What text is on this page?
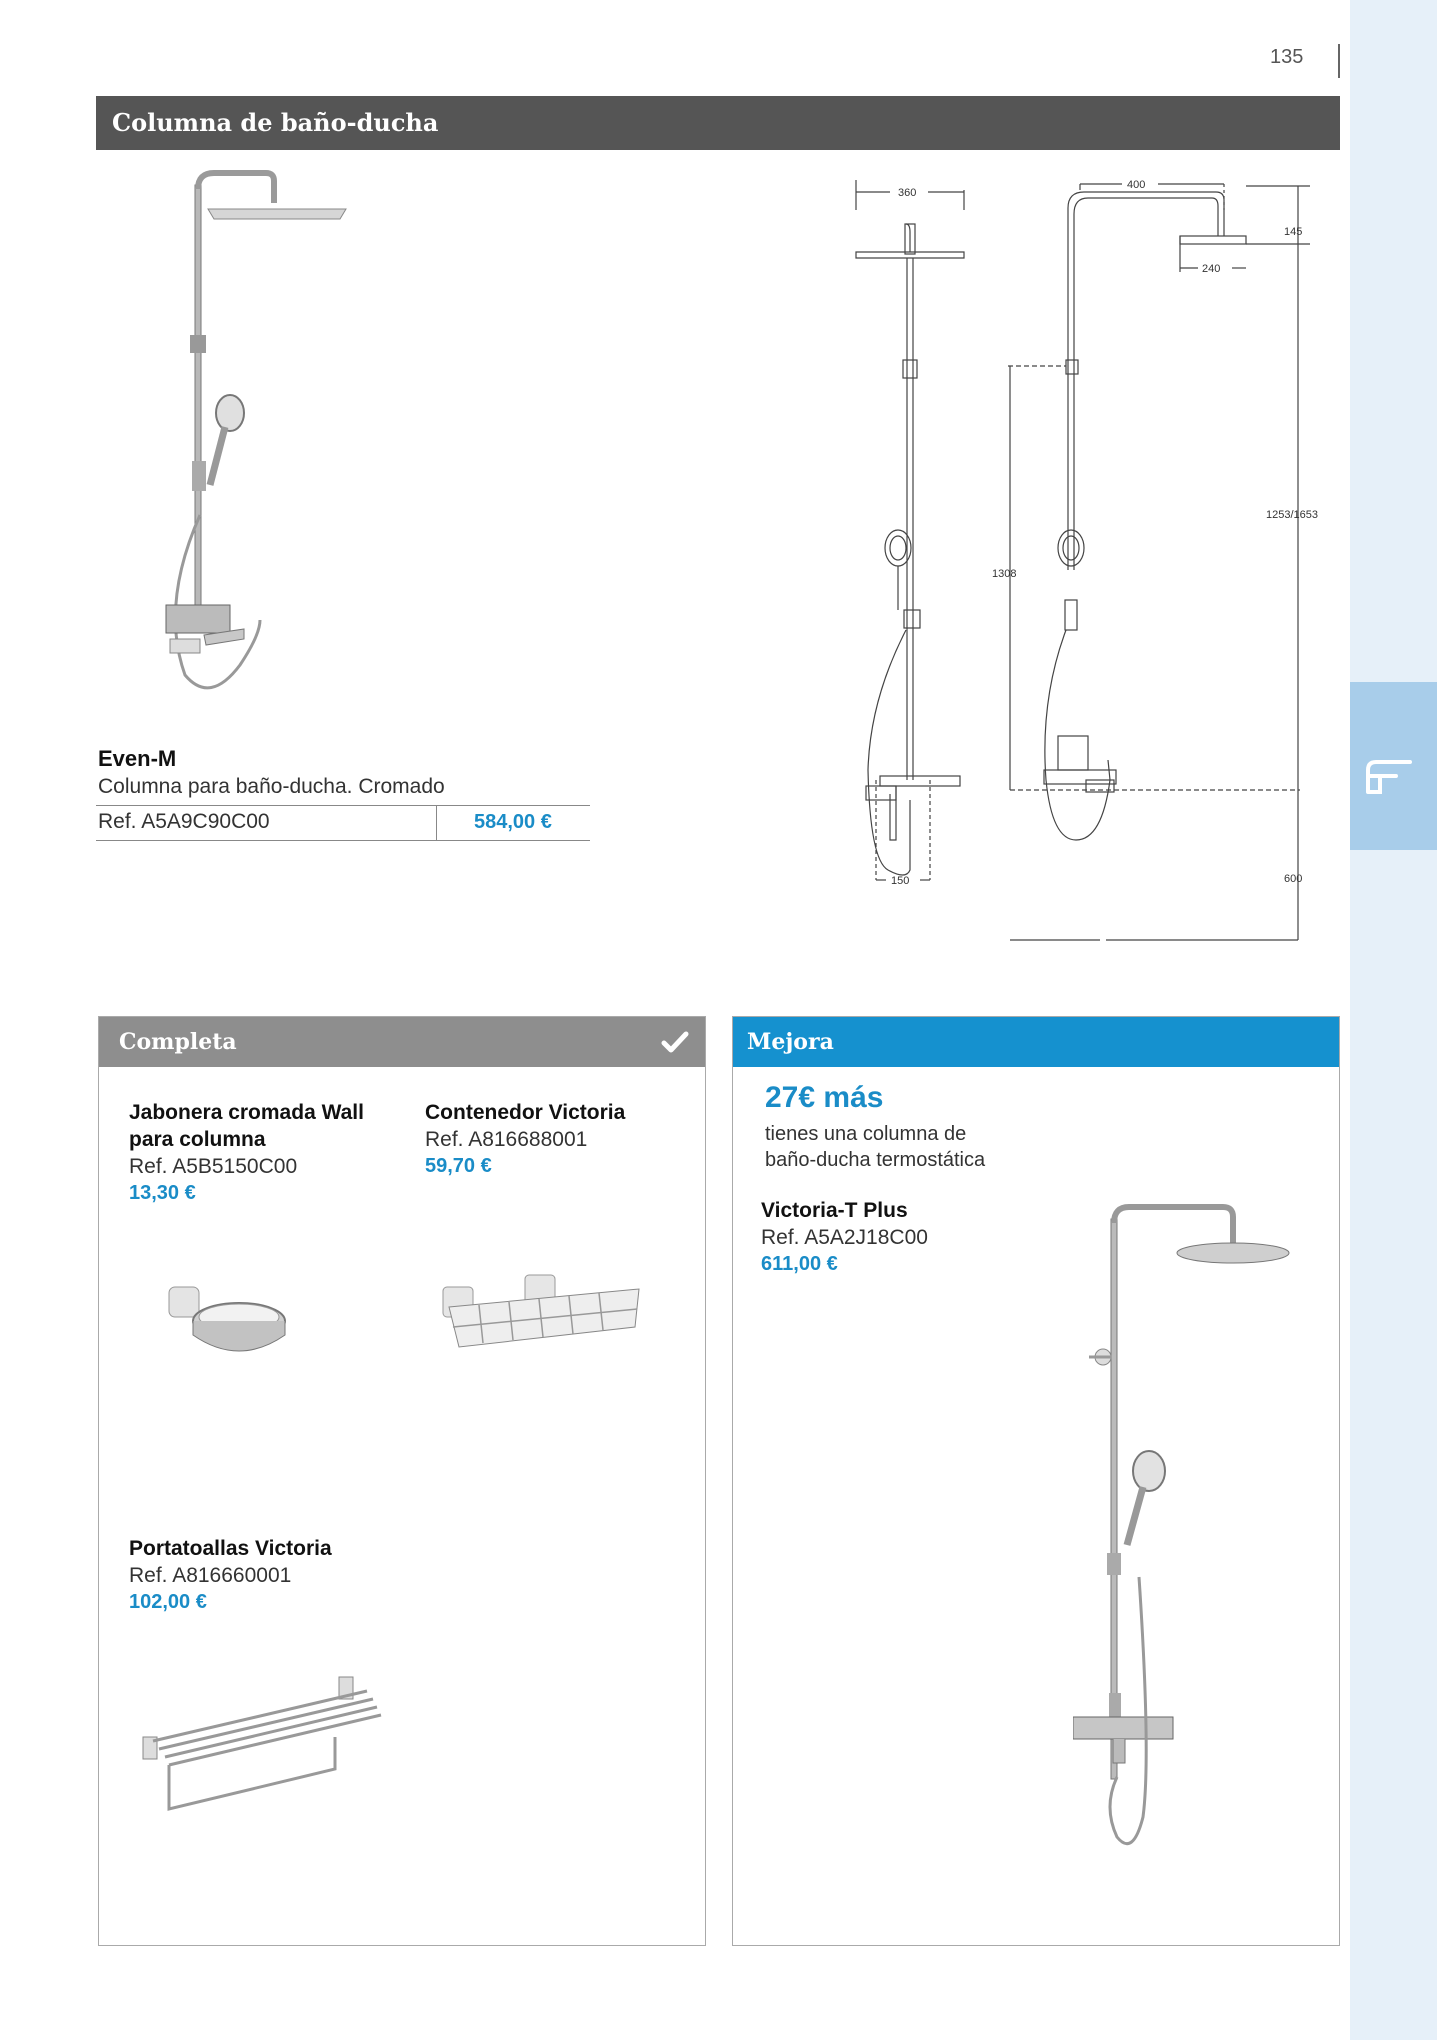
135
Columna de baño-ducha
Even-M
Columna para baño-ducha. Cromado
Ref. A5A9C90C00	584,00 €
360
400
240
145
1308
1253/1653
150	600
Completa
Jabonera cromada Wall para columna
Ref. A5B5150C00
13,30 €
Contenedor Victoria
Ref. A816688001
59,70 €
Portatoallas Victoria
Ref. A816660001
102,00 €
Mejora
27€ más
tienes una columna de
baño-ducha termostática
Victoria-T Plus
Ref. A5A2J18C00
611,00 €
